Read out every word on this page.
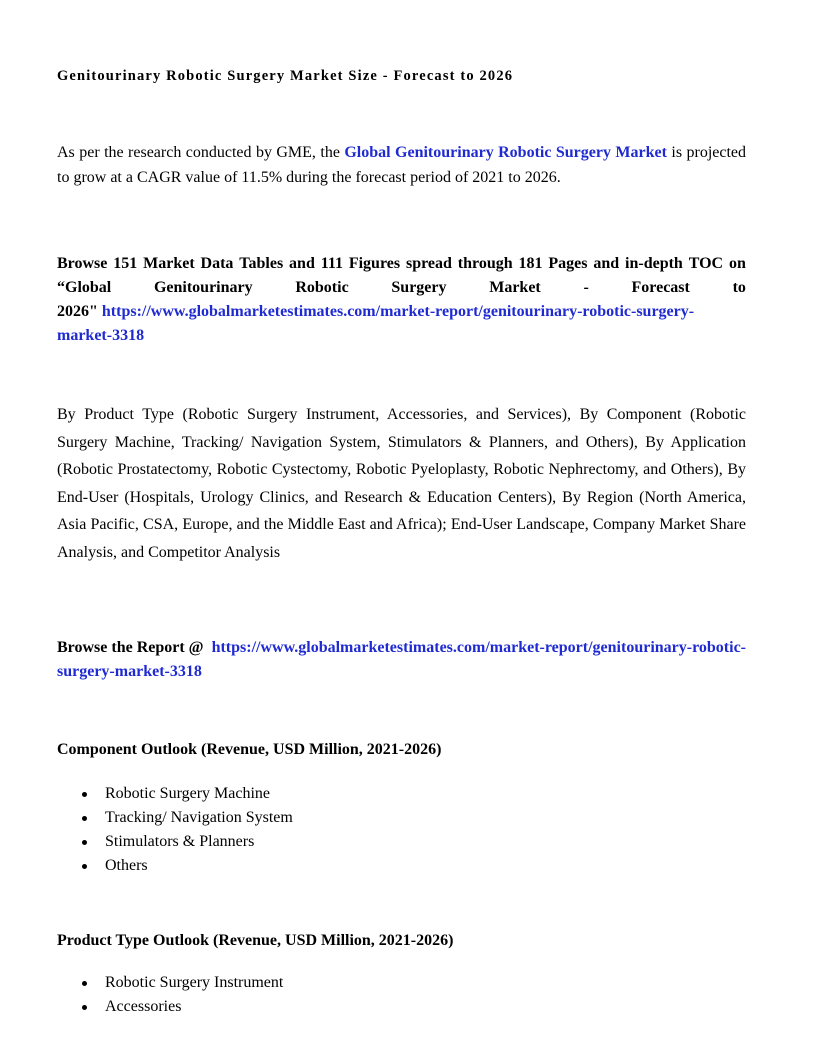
Genitourinary Robotic Surgery Market Size - Forecast to 2026

As per the research conducted by GME, the Global Genitourinary Robotic Surgery Market is projected to grow at a CAGR value of 11.5% during the forecast period of 2021 to 2026.

Browse 151 Market Data Tables and 111 Figures spread through 181 Pages and in-depth TOC on
“Global	Genitourinary	Robotic	Surgery	Market	-	Forecast	to
2026" https://www.globalmarketestimates.com/market-report/genitourinary-robotic-surgery-
market-3318

By Product Type (Robotic Surgery Instrument, Accessories, and Services), By Component (Robotic Surgery Machine, Tracking/ Navigation System, Stimulators & Planners, and Others), By Application (Robotic Prostatectomy, Robotic Cystectomy, Robotic Pyeloplasty, Robotic Nephrectomy, and Others), By End-User (Hospitals, Urology Clinics, and Research & Education Centers), By Region (North America, Asia Pacific, CSA, Europe, and the Middle East and Africa); End-User Landscape, Company Market Share Analysis, and Competitor Analysis

Browse the Report @ https://www.globalmarketestimates.com/market-report/genitourinary-robotic-
surgery-market-3318
Component Outlook (Revenue, USD Million, 2021-2026)
Robotic Surgery Machine
Tracking/ Navigation System
Stimulators & Planners
Others
Product Type Outlook (Revenue, USD Million, 2021-2026)
Robotic Surgery Instrument
Accessories
